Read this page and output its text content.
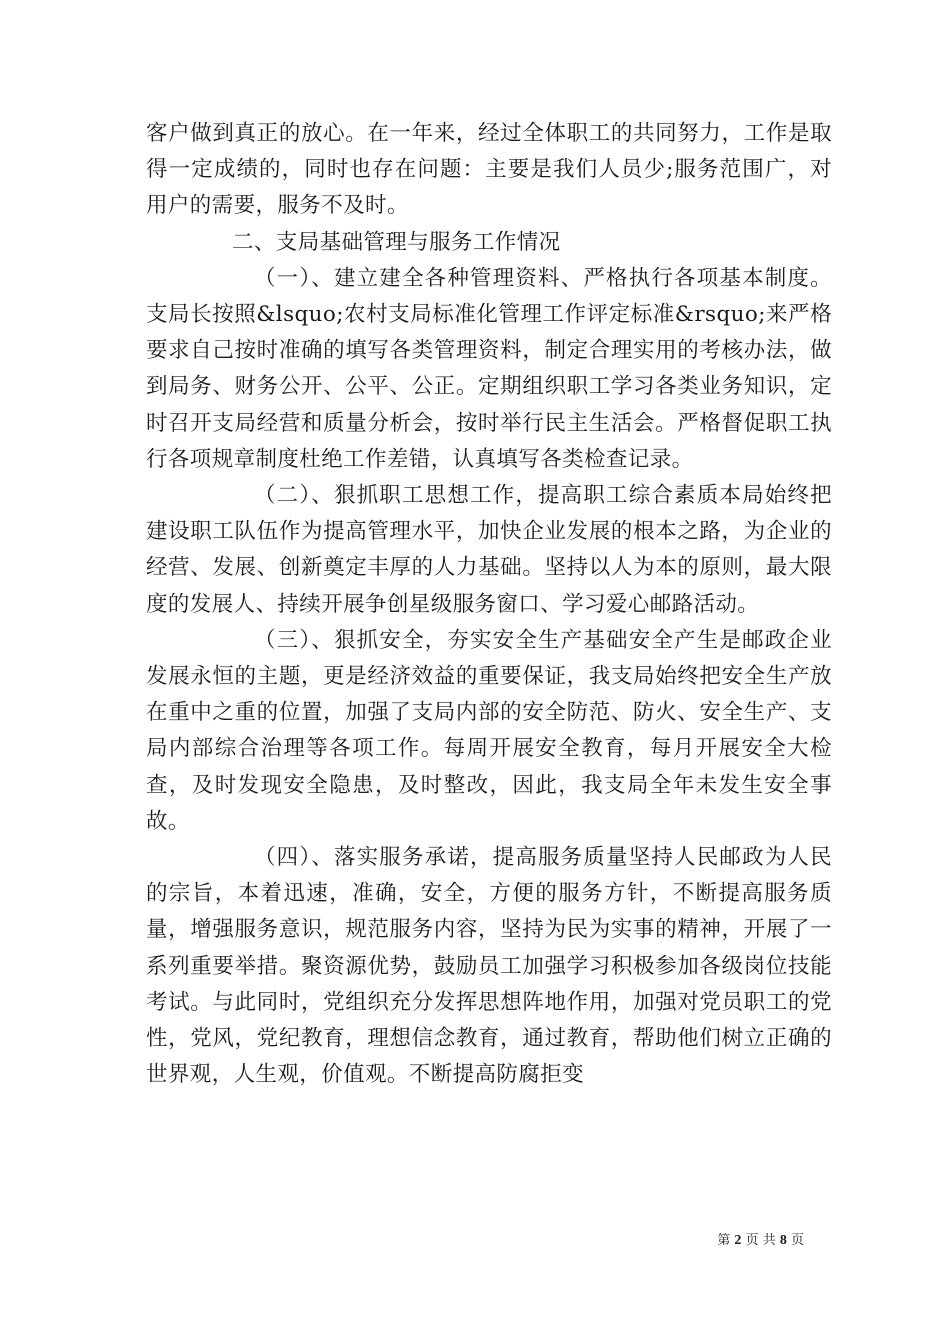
客户做到真正的放心。在一年来，经过全体职工的共同努力，工作是取得一定成绩的，同时也存在问题：主要是我们人员少;服务范围广，对用户的需要，服务不及时。

二、支局基础管理与服务工作情况

（一）、建立建全各种管理资料、严格执行各项基本制度。支局长按照&lsquo;农村支局标准化管理工作评定标准&rsquo;来严格要求自己按时准确的填写各类管理资料，制定合理实用的考核办法，做到局务、财务公开、公平、公正。定期组织职工学习各类业务知识，定时召开支局经营和质量分析会，按时举行民主生活会。严格督促职工执行各项规章制度杜绝工作差错，认真填写各类检查记录。

（二）、狠抓职工思想工作，提高职工综合素质本局始终把建设职工队伍作为提高管理水平，加快企业发展的根本之路，为企业的经营、发展、创新奠定丰厚的人力基础。坚持以人为本的原则，最大限度的发展人、持续开展争创星级服务窗口、学习爱心邮路活动。

（三）、狠抓安全，夯实安全生产基础安全产生是邮政企业发展永恒的主题，更是经济效益的重要保证，我支局始终把安全生产放在重中之重的位置，加强了支局内部的安全防范、防火、安全生产、支局内部综合治理等各项工作。每周开展安全教育，每月开展安全大检查，及时发现安全隐患，及时整改，因此，我支局全年未发生安全事故。

（四）、落实服务承诺，提高服务质量坚持人民邮政为人民的宗旨，本着迅速，准确，安全，方便的服务方针，不断提高服务质量，增强服务意识，规范服务内容，坚持为民为实事的精神，开展了一系列重要举措。聚资源优势，鼓励员工加强学习积极参加各级岗位技能考试。与此同时，党组织充分发挥思想阵地作用，加强对党员职工的党性，党风，党纪教育，理想信念教育，通过教育，帮助他们树立正确的世界观，人生观，价值观。不断提高防腐拒变

第 2 页 共 8 页
